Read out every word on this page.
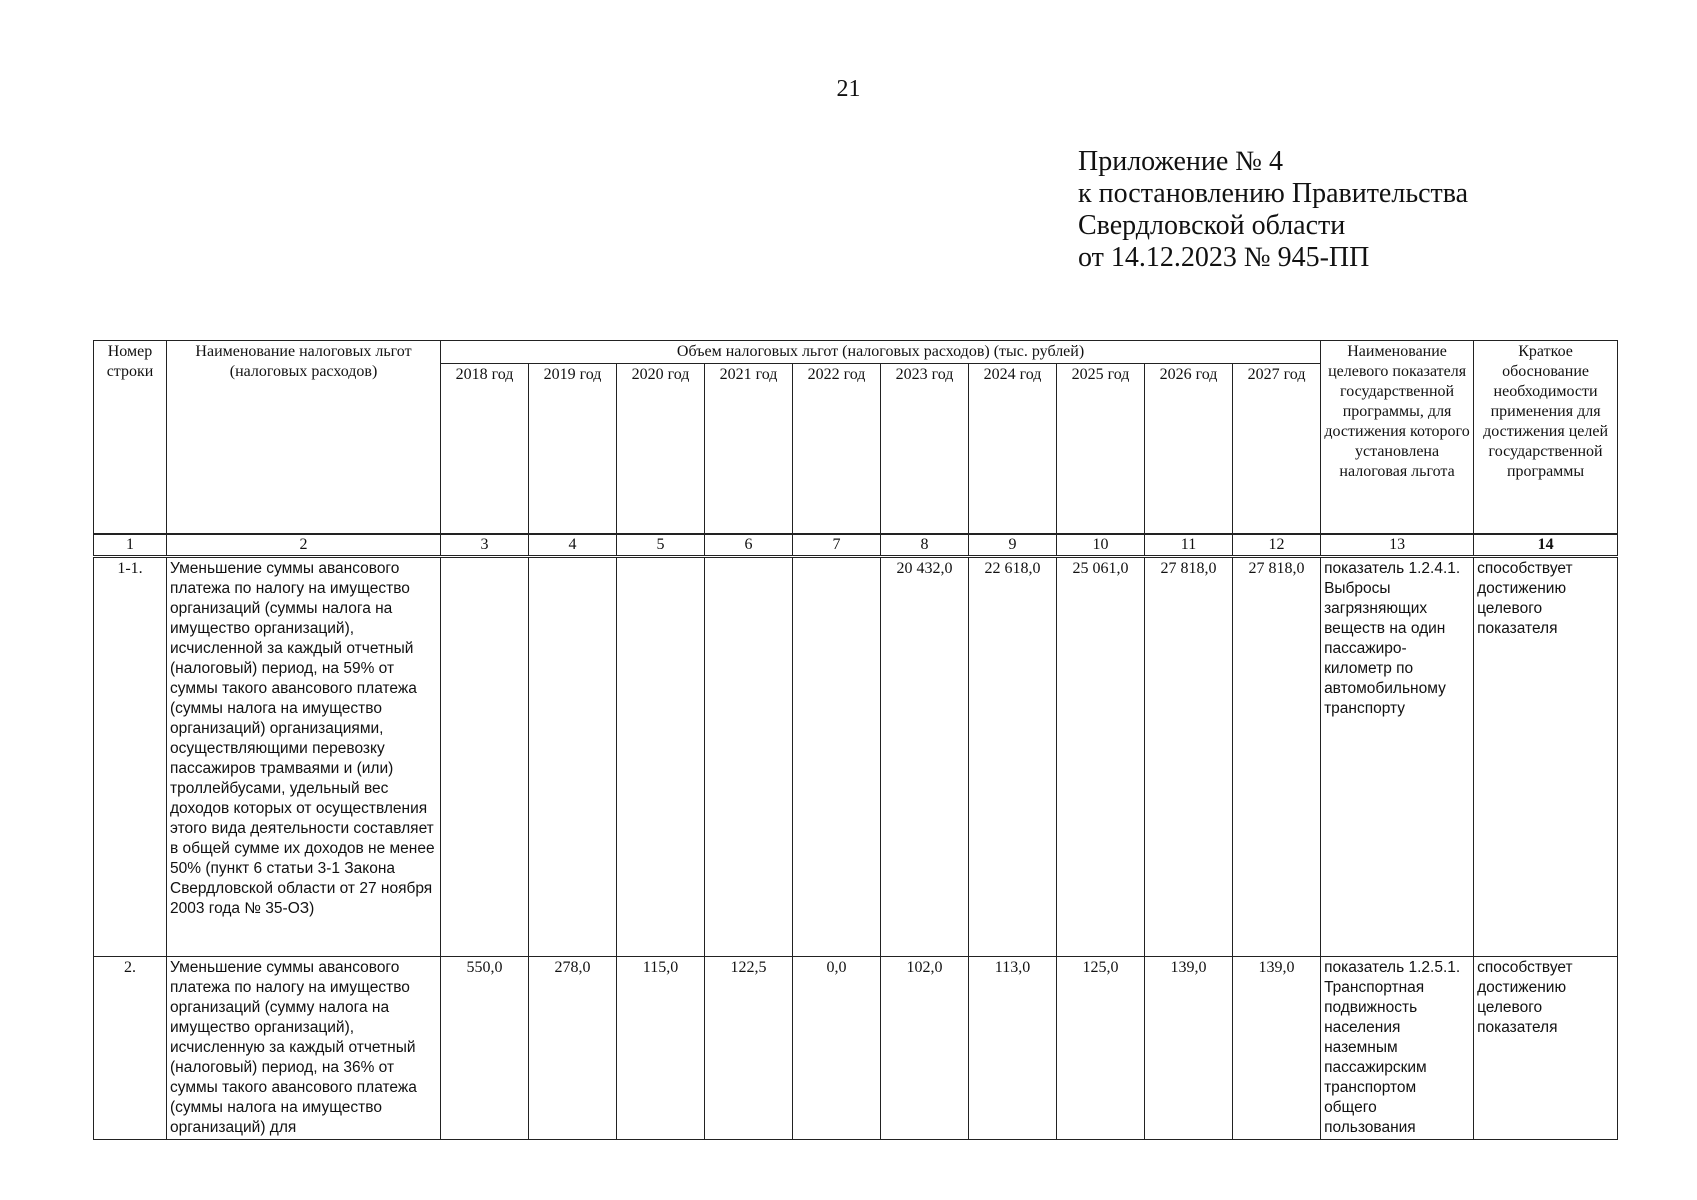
21
Приложение № 4
к постановлению Правительства
Свердловской области
от 14.12.2023 № 945-ПП
Номер строки	Наименование налоговых льгот (налоговых расходов)	Объем налоговых льгот (налоговых расходов) (тыс. рублей)										Наименование целевого показателя государственной программы, для достижения которого установлена налоговая льгота	Краткое обоснование необходимости применения для достижения целей государственной программы
		2018 год	2019 год	2020 год	2021 год	2022 год	2023 год	2024 год	2025 год	2026 год	2027 год		
1	2	3	4	5	6	7	8	9	10	11	12	13	14
1-1.	Уменьшение суммы авансового платежа по налогу на имущество организаций (суммы налога на имущество организаций), исчисленной за каждый отчетный (налоговый) период, на 59% от суммы такого авансового платежа (суммы налога на имущество организаций) организациями, осуществляющими перевозку пассажиров трамваями и (или) троллейбусами, удельный вес доходов которых от осуществления этого вида деятельности составляет в общей сумме их доходов не менее 50% (пункт 6 статьи 3-1 Закона Свердловской области от 27 ноября 2003 года № 35-ОЗ)						20 432,0	22 618,0	25 061,0	27 818,0	27 818,0	показатель 1.2.4.1. Выбросы загрязняющих веществ на один пассажиро-километр по автомобильному транспорту	способствует достижению целевого показателя
2.	Уменьшение суммы авансового платежа по налогу на имущество организаций (сумму налога на имущество организаций), исчисленную за каждый отчетный (налоговый) период, на 36% от суммы такого авансового платежа (суммы налога на имущество организаций) для	550,0	278,0	115,0	122,5	0,0	102,0	113,0	125,0	139,0	139,0	показатель 1.2.5.1. Транспортная подвижность населения наземным пассажирским транспортом общего пользования	способствует достижению целевого показателя
